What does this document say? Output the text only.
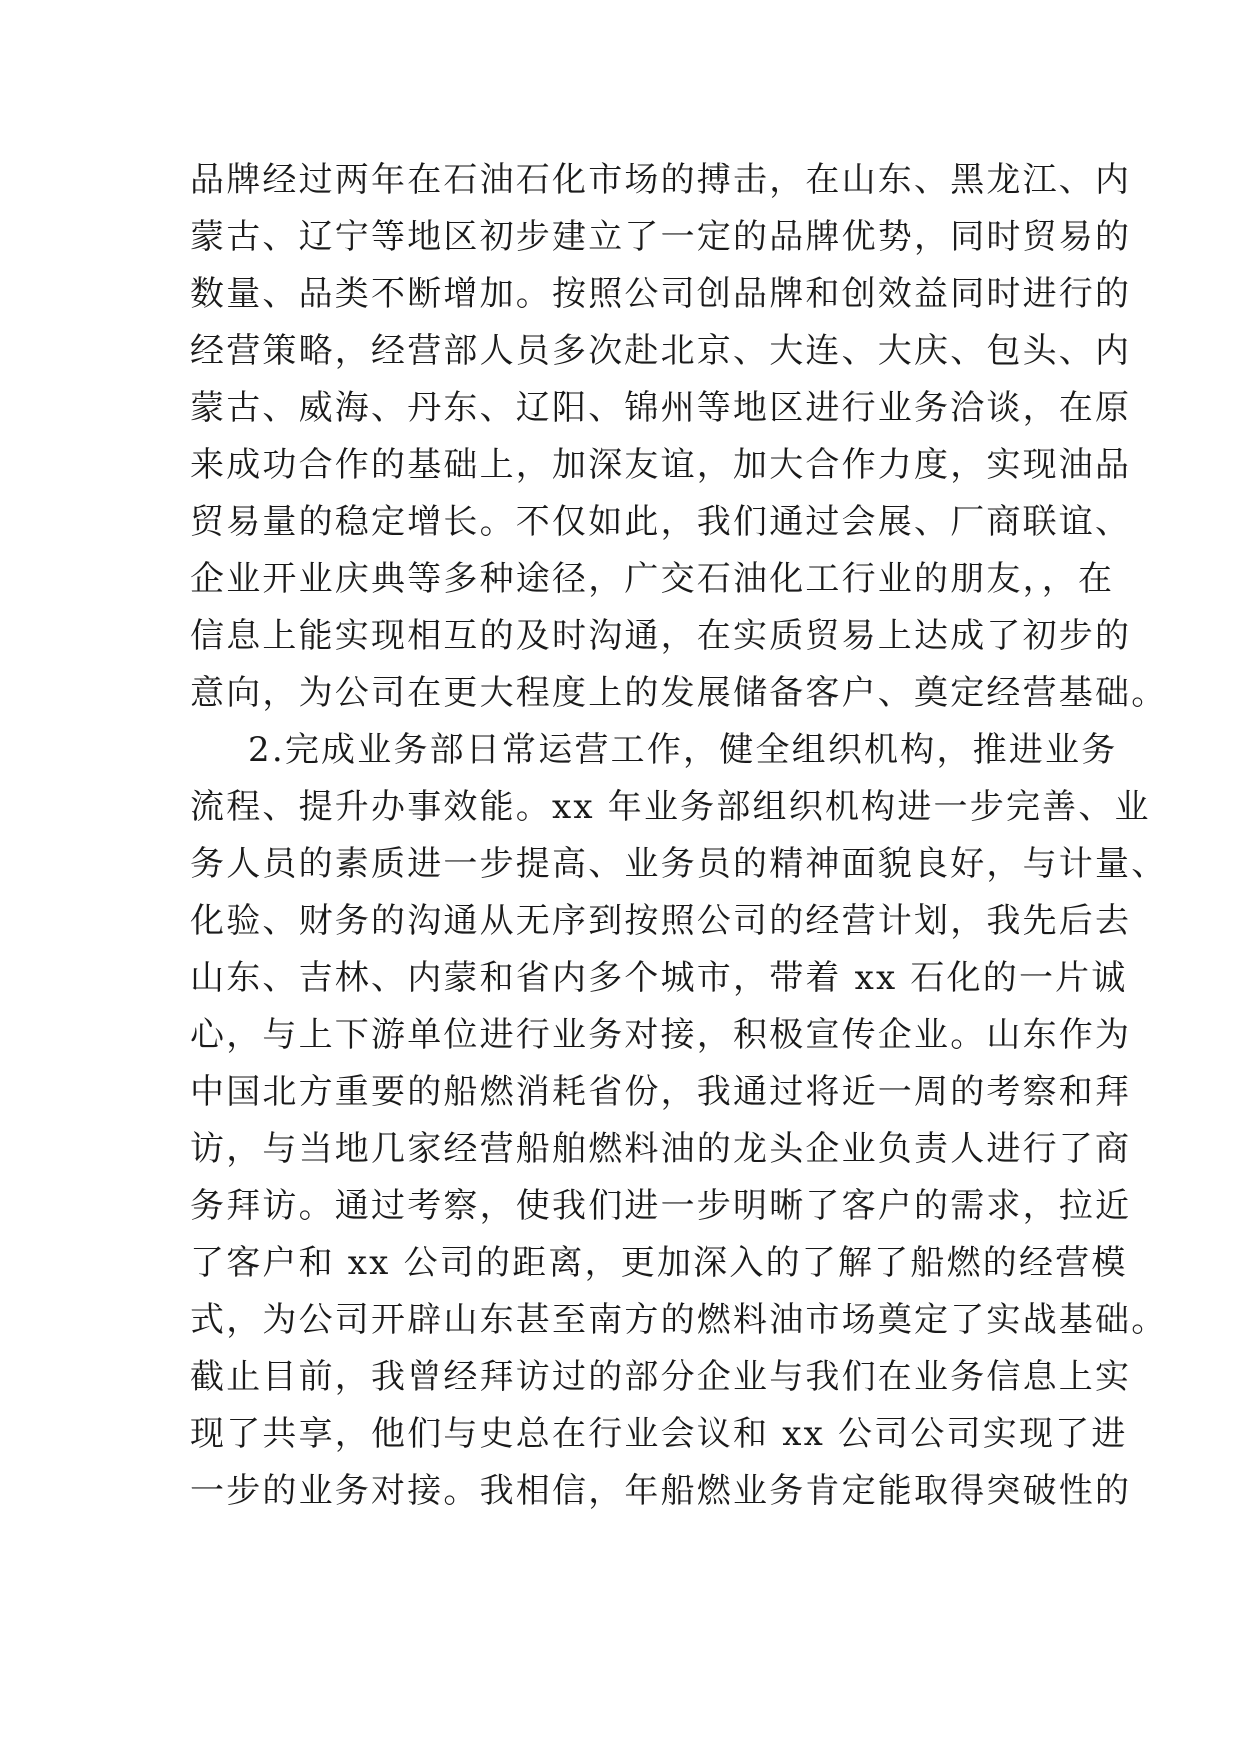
品牌经过两年在石油石化市场的搏击，在山东、黑龙江、内
蒙古、辽宁等地区初步建立了一定的品牌优势，同时贸易的
数量、品类不断增加。按照公司创品牌和创效益同时进行的
经营策略，经营部人员多次赴北京、大连、大庆、包头、内
蒙古、威海、丹东、辽阳、锦州等地区进行业务洽谈，在原
来成功合作的基础上，加深友谊，加大合作力度，实现油品
贸易量的稳定增长。不仅如此，我们通过会展、厂商联谊、
企业开业庆典等多种途径，广交石油化工行业的朋友，，在
信息上能实现相互的及时沟通，在实质贸易上达成了初步的
意向，为公司在更大程度上的发展储备客户、奠定经营基础。
2.完成业务部日常运营工作，健全组织机构，推进业务
流程、提升办事效能。xx 年业务部组织机构进一步完善、业
务人员的素质进一步提高、业务员的精神面貌良好，与计量、
化验、财务的沟通从无序到按照公司的经营计划，我先后去
山东、吉林、内蒙和省内多个城市，带着 xx 石化的一片诚
心，与上下游单位进行业务对接，积极宣传企业。山东作为
中国北方重要的船燃消耗省份，我通过将近一周的考察和拜
访，与当地几家经营船舶燃料油的龙头企业负责人进行了商
务拜访。通过考察，使我们进一步明晰了客户的需求，拉近
了客户和 xx 公司的距离，更加深入的了解了船燃的经营模
式，为公司开辟山东甚至南方的燃料油市场奠定了实战基础。
截止目前，我曾经拜访过的部分企业与我们在业务信息上实
现了共享，他们与史总在行业会议和 xx 公司公司实现了进
一步的业务对接。我相信，年船燃业务肯定能取得突破性的
